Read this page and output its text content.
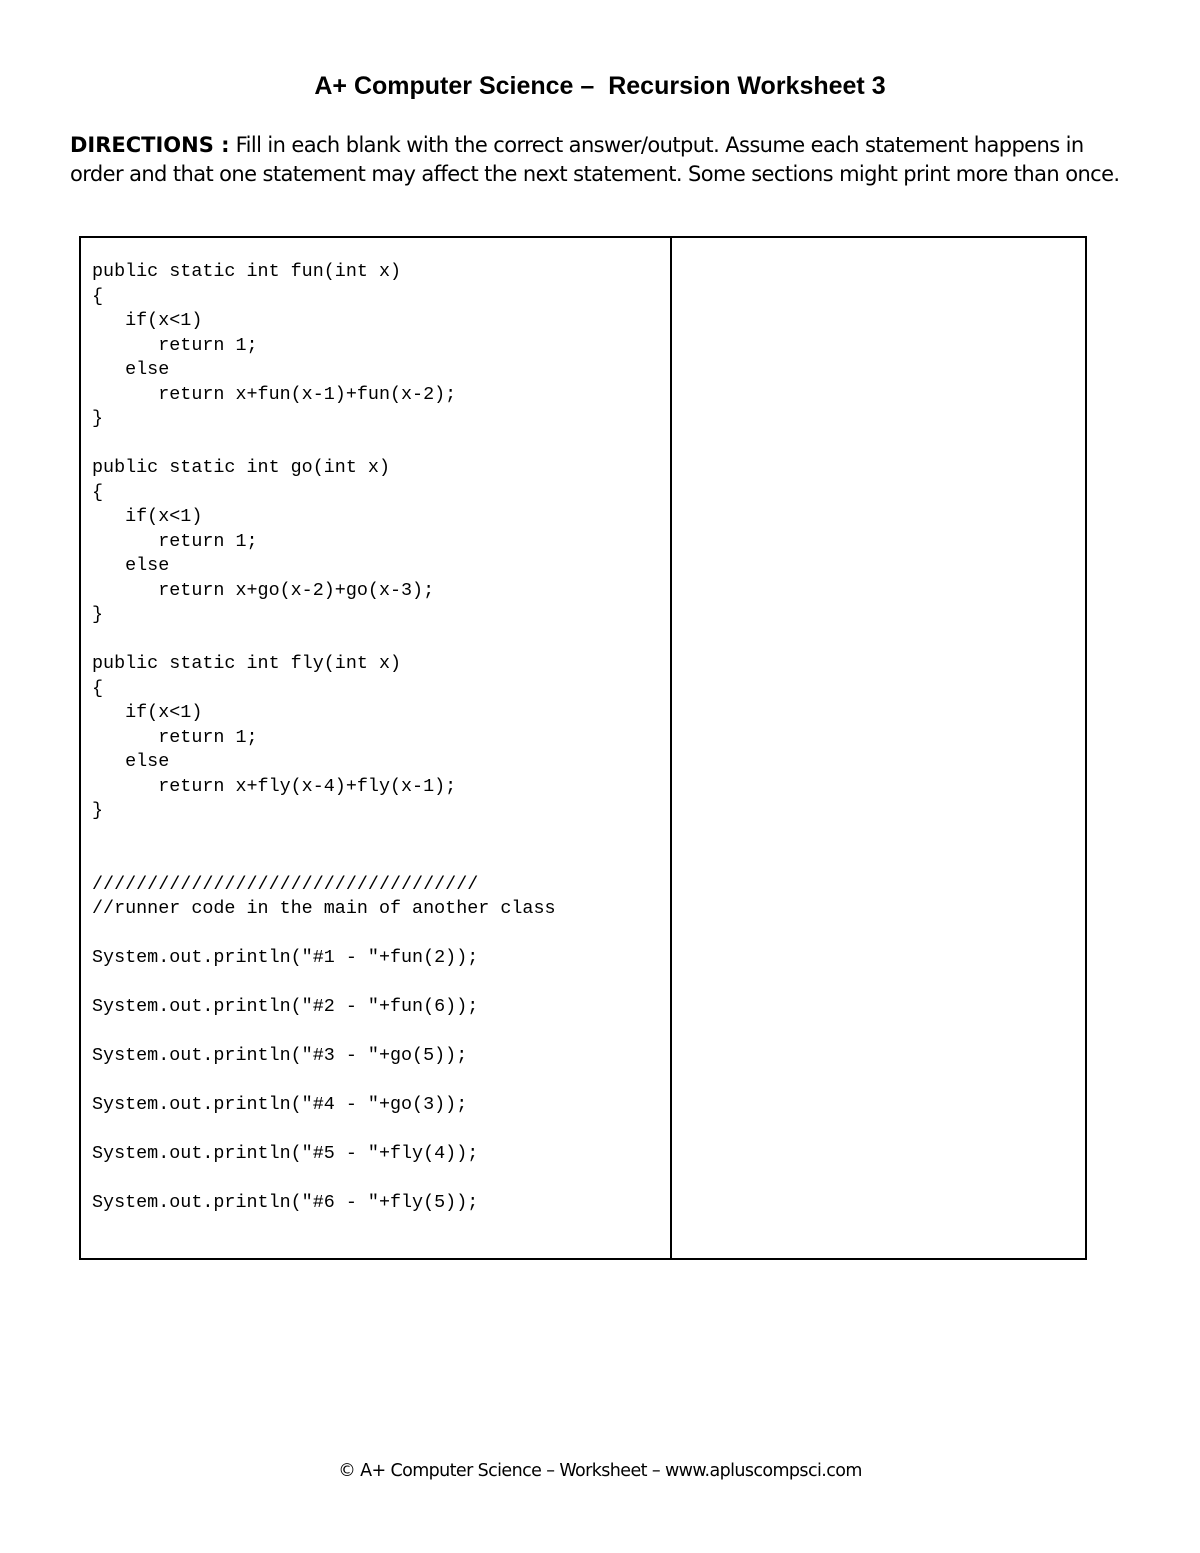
A+ Computer Science –  Recursion Worksheet 3
DIRECTIONS : Fill in each blank with the correct answer/output. Assume each statement happens in order and that one statement may affect the next statement. Some sections might print more than once.
public static int fun(int x)
{
if(x<1)
return 1;
else
return x+fun(x-1)+fun(x-2);
}
public static int go(int x)
{
if(x<1)
return 1;
else
return x+go(x-2)+go(x-3);
}
public static int fly(int x)
{
if(x<1)
return 1;
else
return x+fly(x-4)+fly(x-1);
}
///////////////////////////////////
//runner code in the main of another class
System.out.println("#1 - "+fun(2));
System.out.println("#2 - "+fun(6));
System.out.println("#3 - "+go(5));
System.out.println("#4 - "+go(3));
System.out.println("#5 - "+fly(4));
System.out.println("#6 - "+fly(5));
© A+ Computer Science – Worksheet – www.apluscompsci.com
